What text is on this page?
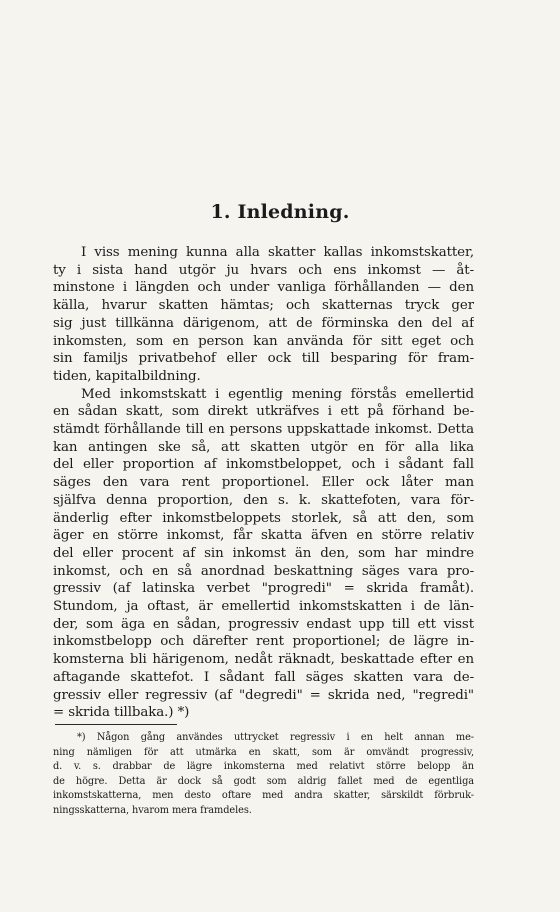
1. Inledning.
I viss mening kunna alla skatter kallas inkomstskatter,
ty i sista hand utgör ju hvars och ens inkomst — åt-
minstone i längden och under vanliga förhållanden — den
källa, hvarur skatten hämtas; och skatternas tryck ger
sig just tillkänna därigenom, att de förminska den del af
inkomsten, som en person kan använda för sitt eget och
sin familjs privatbehof eller ock till besparing för fram-
tiden, kapitalbildning.
Med inkomstskatt i egentlig mening förstås emellertid
en sådan skatt, som direkt utkräfves i ett på förhand be-
stämdt förhållande till en persons uppskattade inkomst. Detta
kan antingen ske så, att skatten utgör en för alla lika
del eller proportion af inkomstbeloppet, och i sådant fall
säges den vara rent proportionel. Eller ock låter man
själfva denna proportion, den s. k. skattefoten, vara för-
änderlig efter inkomstbeloppets storlek, så att den, som
äger en större inkomst, får skatta äfven en större relativ
del eller procent af sin inkomst än den, som har mindre
inkomst, och en så anordnad beskattning säges vara pro-
gressiv (af latinska verbet "progredi" = skrida framåt).
Stundom, ja oftast, är emellertid inkomstskatten i de län-
der, som äga en sådan, progressiv endast upp till ett visst
inkomstbelopp och därefter rent proportionel; de lägre in-
komsterna bli härigenom, nedåt räknadt, beskattade efter en
aftagande skattefot. I sådant fall säges skatten vara de-
gressiv eller regressiv (af "degredi" = skrida ned, "regredi"
= skrida tillbaka.) *)
*) Någon gång användes uttrycket regressiv i en helt annan me-
ning nämligen för att utmärka en skatt, som är omvändt progressiv,
d. v. s. drabbar de lägre inkomsterna med relativt större belopp än
de högre. Detta är dock så godt som aldrig fallet med de egentliga
inkomstskatterna, men desto oftare med andra skatter, särskildt förbruk-
ningsskatterna, hvarom mera framdeles.
